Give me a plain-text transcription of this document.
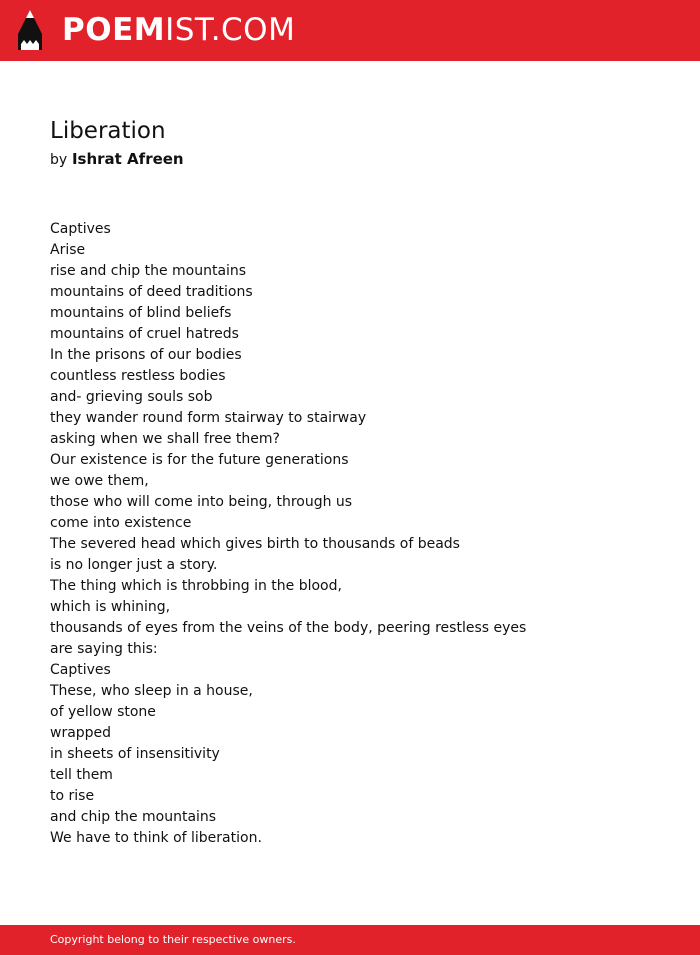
POEMIST.COM
Liberation
by Ishrat Afreen
Captives
Arise
rise and chip the mountains
mountains of deed traditions
mountains of blind beliefs
mountains of cruel hatreds
In the prisons of our bodies
countless restless bodies
and- grieving souls sob
they wander round form stairway to stairway
asking when we shall free them?
Our existence is for the future generations
we owe them,
those who will come into being, through us
come into existence
The severed head which gives birth to thousands of beads
is no longer just a story.
The thing which is throbbing in the blood,
which is whining,
thousands of eyes from the veins of the body, peering restless eyes
are saying this:
Captives
These, who sleep in a house,
of yellow stone
wrapped
in sheets of insensitivity
tell them
to rise
and chip the mountains
We have to think of liberation.
Copyright belong to their respective owners.
